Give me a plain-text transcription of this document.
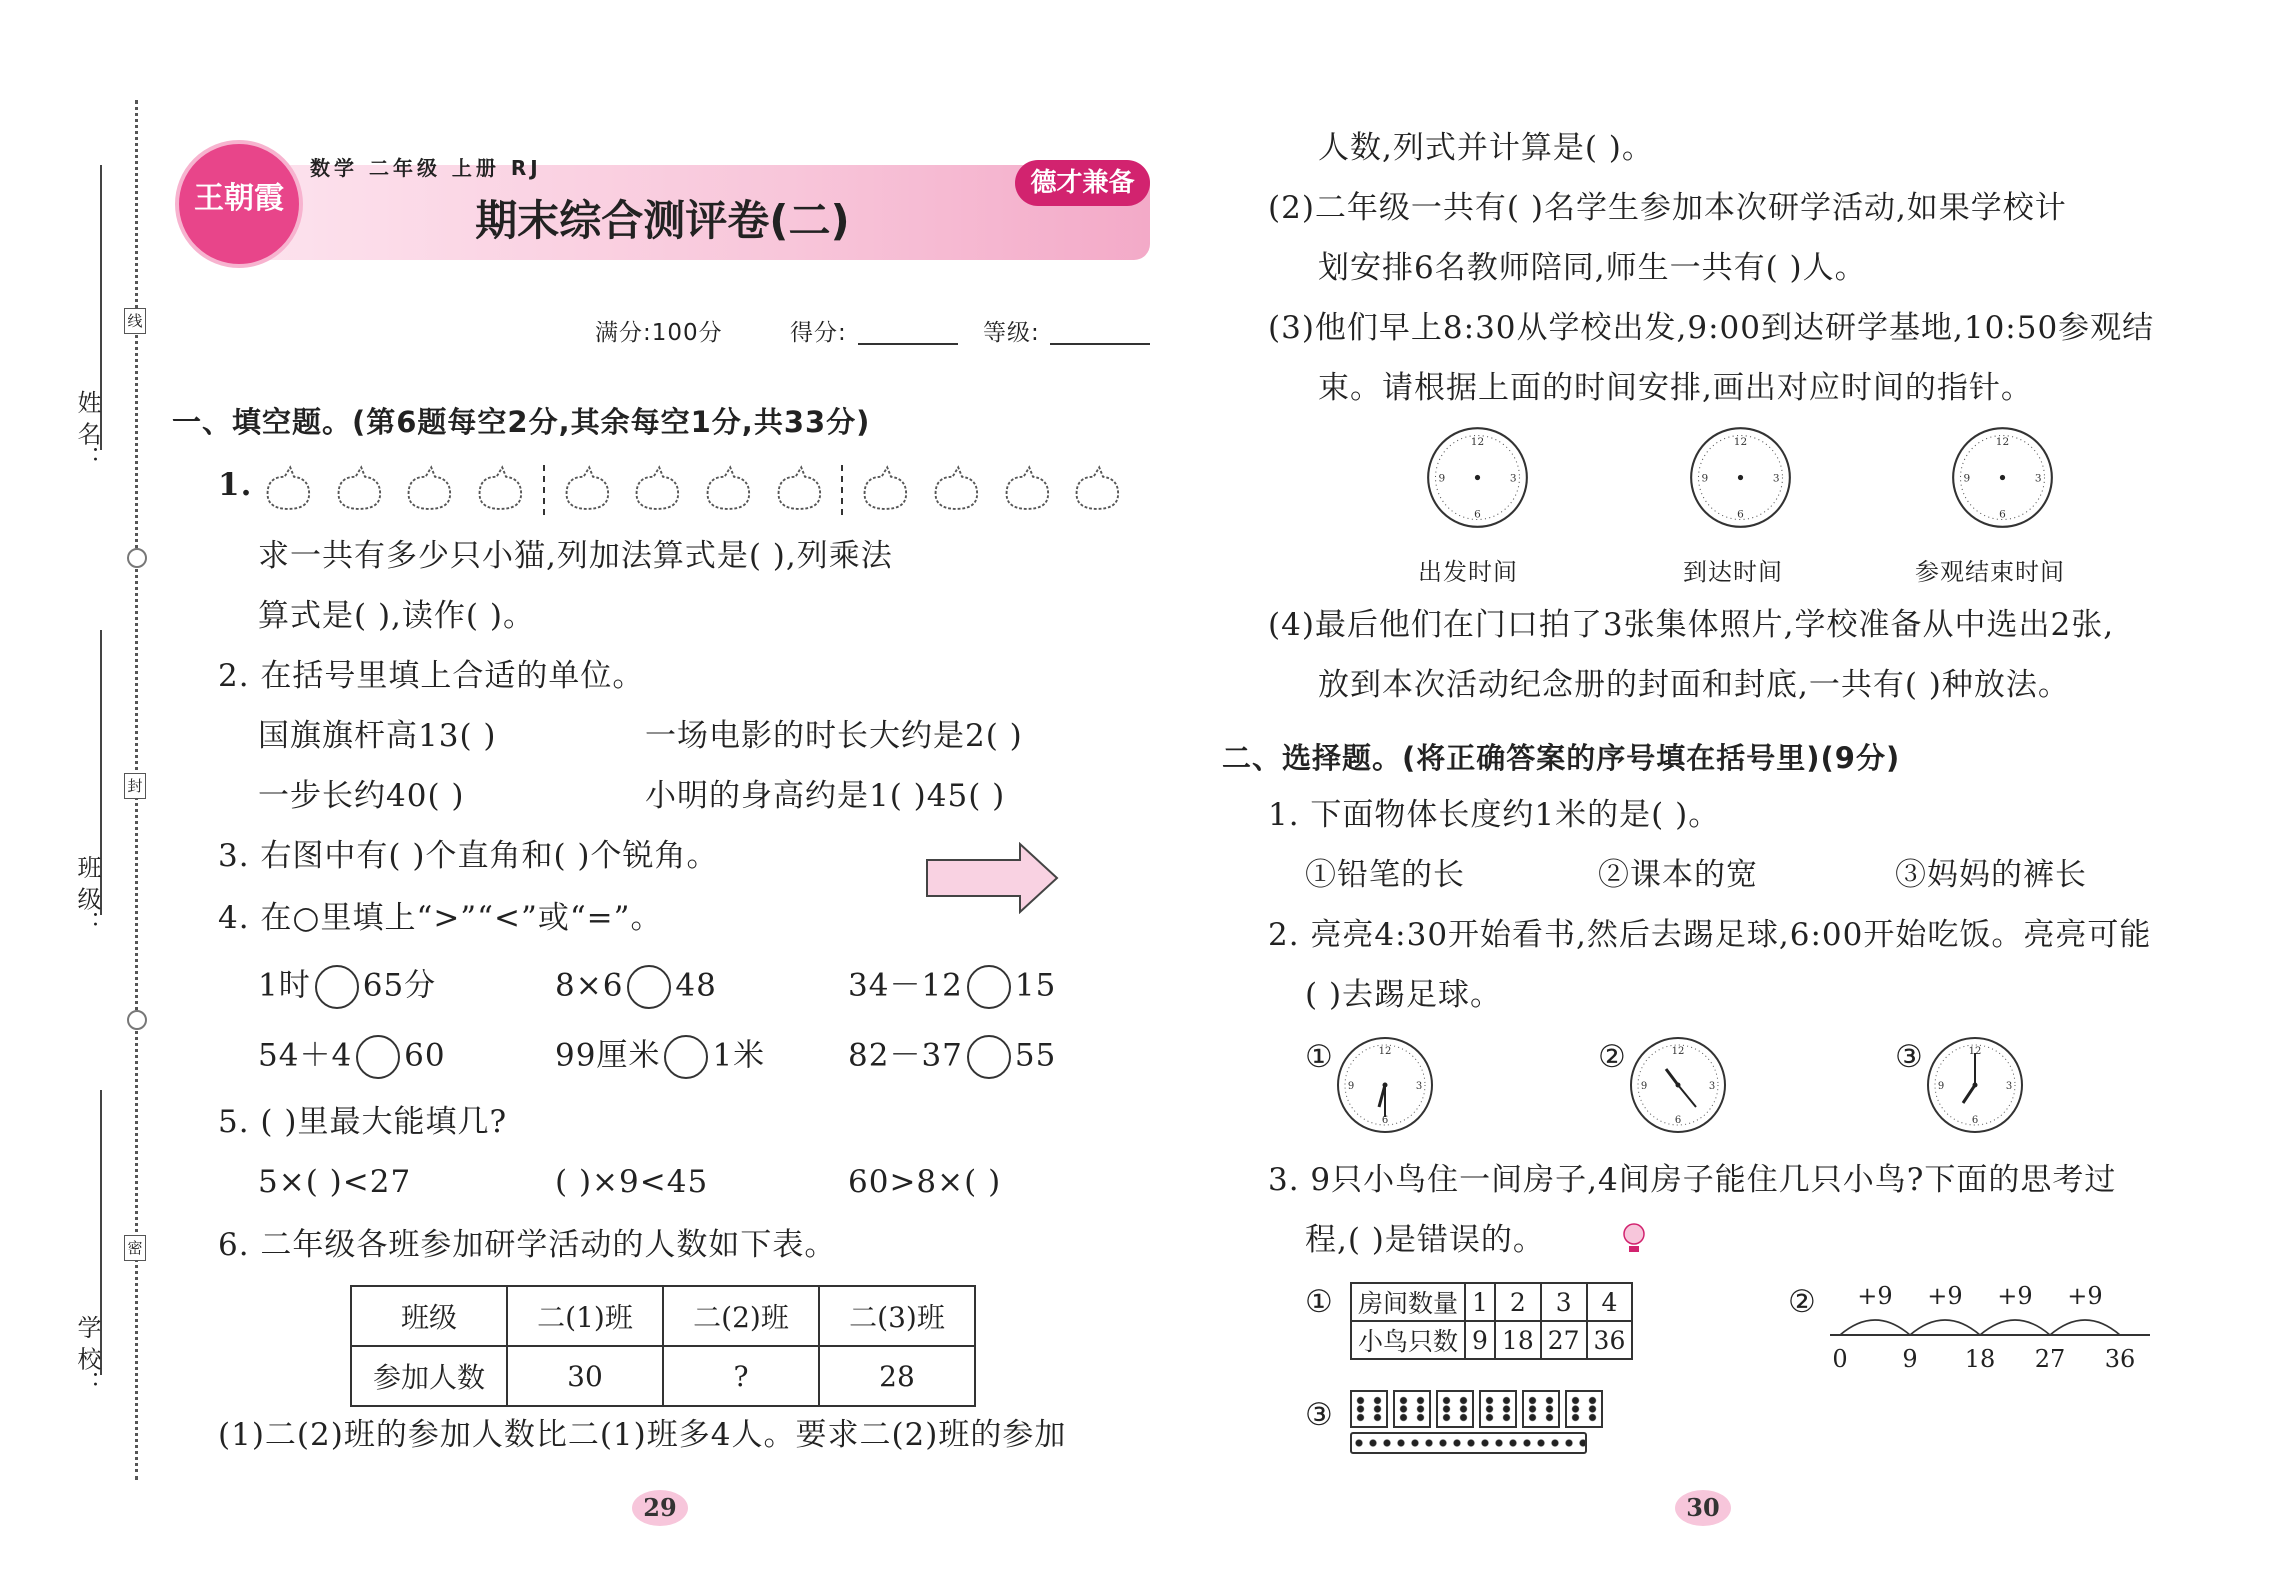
姓 名：
班 级：
学 校：
线
封
密
王朝霞
数学 二年级 上册 RJ	德才兼备
期末综合测评卷(二)
满分:100分	得分:	等级:
一、填空题。(第6题每空2分,其余每空1分,共33分)
1.
求一共有多少只小猫,列加法算式是( ),列乘法
算式是( ),读作( )。
2. 在括号里填上合适的单位。
国旗旗杆高13( )	一场电影的时长大约是2( )
一步长约40( )	小明的身高约是1( )45( )
3. 右图中有( )个直角和( )个锐角。
4. 在○里填上“>”“<”或“=”。
1时 65分	8×6 48	34－12 15
54＋4 60	99厘米 1米	82－37 55
5. ( )里最大能填几?
5×( )<27	( )×9<45	60>8×( )
6. 二年级各班参加研学活动的人数如下表。
班级	二(1)班	二(2)班	二(3)班
参加人数	30	?	28
(1)二(2)班的参加人数比二(1)班多4人。要求二(2)班的参加
29
人数,列式并计算是( )。
(2)二年级一共有( )名学生参加本次研学活动,如果学校计
划安排6名教师陪同,师生一共有( )人。
(3)他们早上8:30从学校出发,9:00到达研学基地,10:50参观结
束。请根据上面的时间安排,画出对应时间的指针。
12
3
6
9
12
3
6
9
12
3
6
9
出发时间	到达时间	参观结束时间
(4)最后他们在门口拍了3张集体照片,学校准备从中选出2张,
放到本次活动纪念册的封面和封底,一共有( )种放法。
二、选择题。(将正确答案的序号填在括号里)(9分)
1. 下面物体长度约1米的是( )。
①铅笔的长	②课本的宽	③妈妈的裤长
2. 亮亮4:30开始看书,然后去踢足球,6:00开始吃饭。亮亮可能
( )去踢足球。
①	12
3
6
9
②	12
3
6
9
③	12
3
6
9
3. 9只小鸟住一间房子,4间房子能住几只小鸟?下面的思考过
程,( )是错误的。
① 房间数量	1	2	3	4
小鸟只数	9	18	27	36
② +9 +9 +9 +9
0 9 18 27 36
③
30
